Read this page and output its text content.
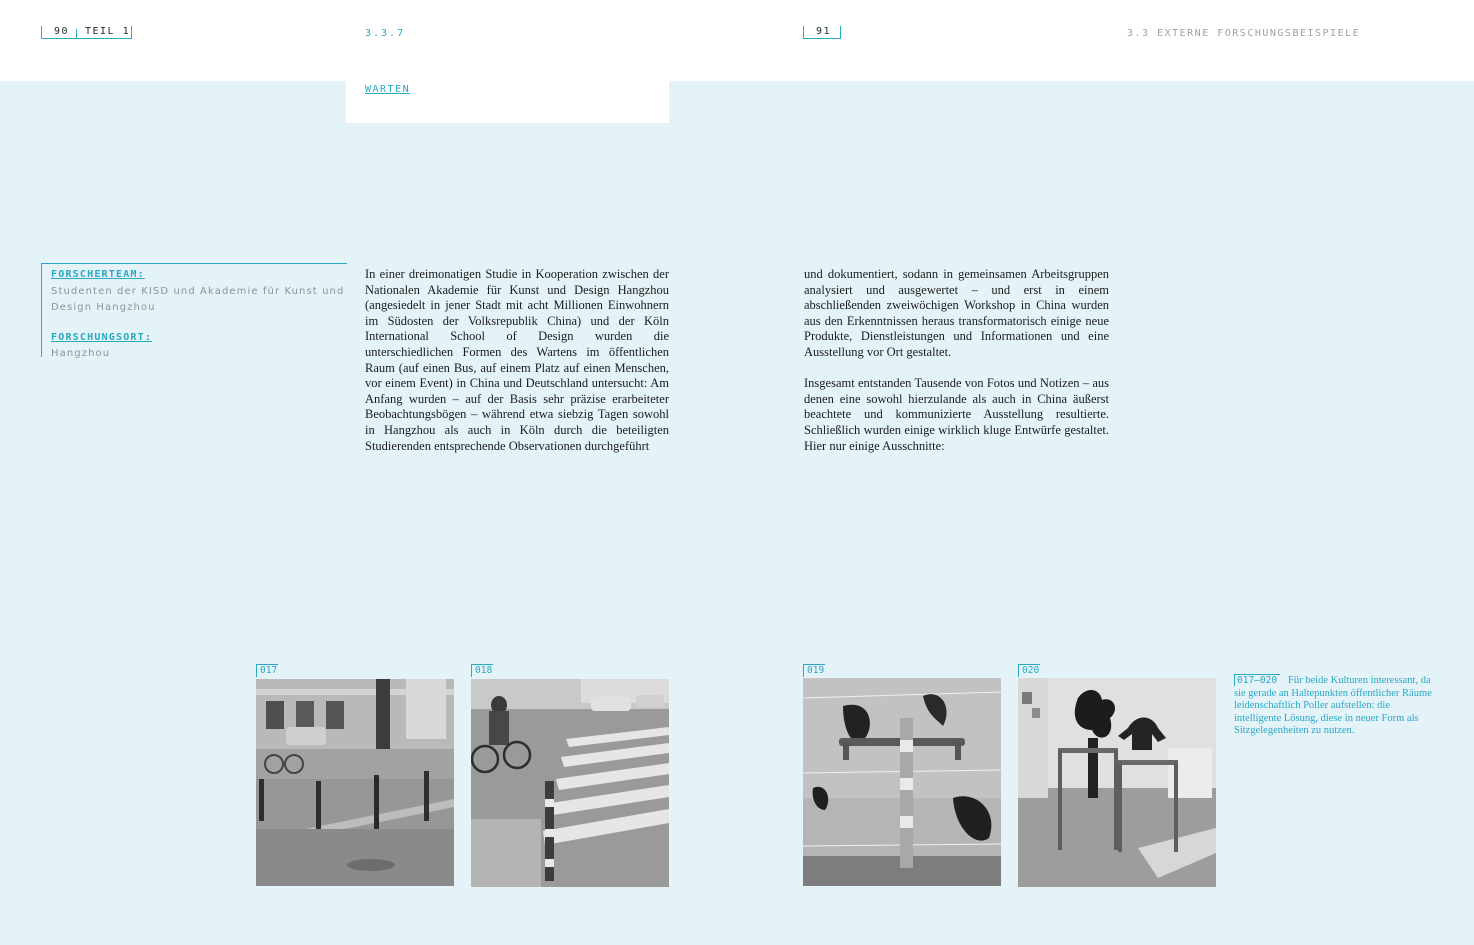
90 TEIL 1	3.3.7	91	3.3 EXTERNE FORSCHUNGSBEISPIELE
WARTEN
FORSCHERTEAM:
Studenten der KISD und Akademie für Kunst und Design Hangzhou
FORSCHUNGSORT:
Hangzhou

In einer dreimonatigen Studie in Kooperation zwischen der Nationalen Akademie für Kunst und Design Hangzhou (angesiedelt in jener Stadt mit acht Millionen Einwohnern im Südosten der Volksrepublik China) und der Köln International School of Design wurden die unterschiedlichen Formen des Wartens im öffentlichen Raum (auf einen Bus, auf einem Platz auf einen Menschen, vor einem Event) in China und Deutschland untersucht: Am Anfang wurden – auf der Basis sehr präzise erarbeiteter Beobachtungsbögen – während etwa siebzig Tagen sowohl in Hangzhou als auch in Köln durch die beteiligten Studierenden entsprechende Observationen durchgeführt

und dokumentiert, sodann in gemeinsamen Arbeitsgruppen analysiert und ausgewertet – und erst in einem abschließenden zweiwöchigen Workshop in China wurden aus den Erkenntnissen heraus transformatorisch einige neue Produkte, Dienstleistungen und Informationen und eine Ausstellung vor Ort gestaltet.

Insgesamt entstanden Tausende von Fotos und Notizen – aus denen eine sowohl hierzulande als auch in China äußerst beachtete und kommunizierte Ausstellung resultierte. Schließlich wurden einige wirklich kluge Entwürfe gestaltet. Hier nur einige Ausschnitte:

017	018	019	020
017–020 Für beide Kulturen interessant, da sie gerade an Haltepunkten öffentlicher Räume leidenschaftlich Poller aufstellen: die intelligente Lösung, diese in neuer Form als Sitzgelegenheiten zu nutzen.
